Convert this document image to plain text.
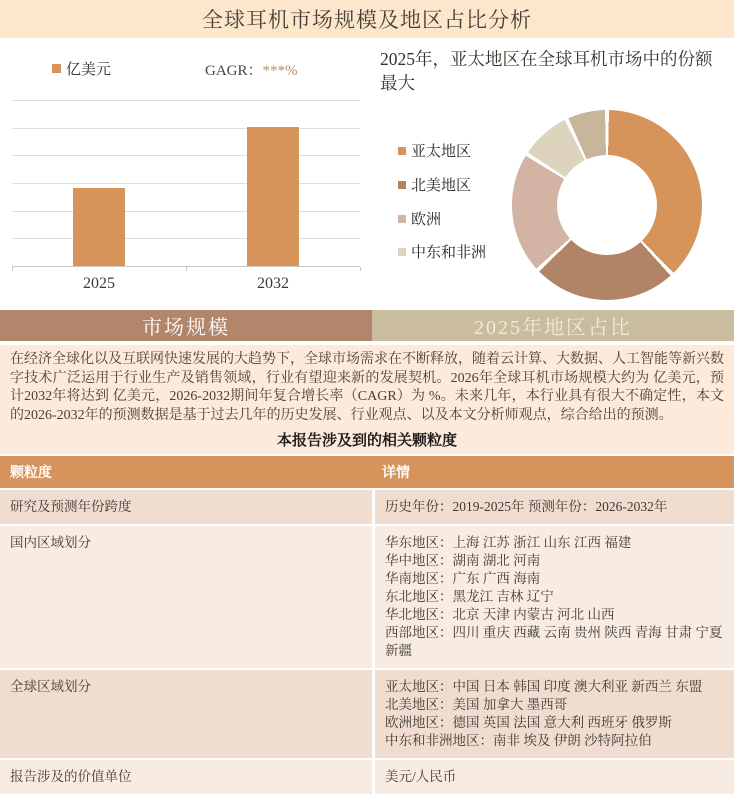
全球耳机市场规模及地区占比分析
亿美元	GAGR：***%
2025	2032
2025年，亚太地区在全球耳机市场中的份额最大
亚太地区
北美地区
欧洲
中东和非洲
市场规模	2025年地区占比
在经济全球化以及互联网快速发展的大趋势下，全球市场需求在不断释放，随着云计算、大数据、人工智能等新兴数字技术广泛运用于行业生产及销售领域，行业有望迎来新的发展契机。2026年全球耳机市场规模大约为 亿美元，预计2032年将达到 亿美元，2026-2032期间年复合增长率（CAGR）为 %。未来几年，本行业具有很大不确定性，本文的2026-2032年的预测数据是基于过去几年的历史发展、行业观点、以及本文分析师观点，综合给出的预测。
本报告涉及到的相关颗粒度
颗粒度	详情
研究及预测年份跨度	历史年份：2019-2025年 预测年份：2026-2032年
国内区域划分	华东地区：上海 江苏 浙江 山东 江西 福建
华中地区：湖南 湖北 河南
华南地区：广东 广西 海南
东北地区：黑龙江 吉林 辽宁
华北地区：北京 天津 内蒙古 河北 山西
西部地区：四川 重庆 西藏 云南 贵州 陕西 青海 甘肃 宁夏 新疆
全球区域划分	亚太地区：中国 日本 韩国 印度 澳大利亚 新西兰 东盟
北美地区：美国 加拿大 墨西哥
欧洲地区：德国 英国 法国 意大利 西班牙 俄罗斯
中东和非洲地区：南非 埃及 伊朗 沙特阿拉伯
报告涉及的价值单位	美元/人民币
